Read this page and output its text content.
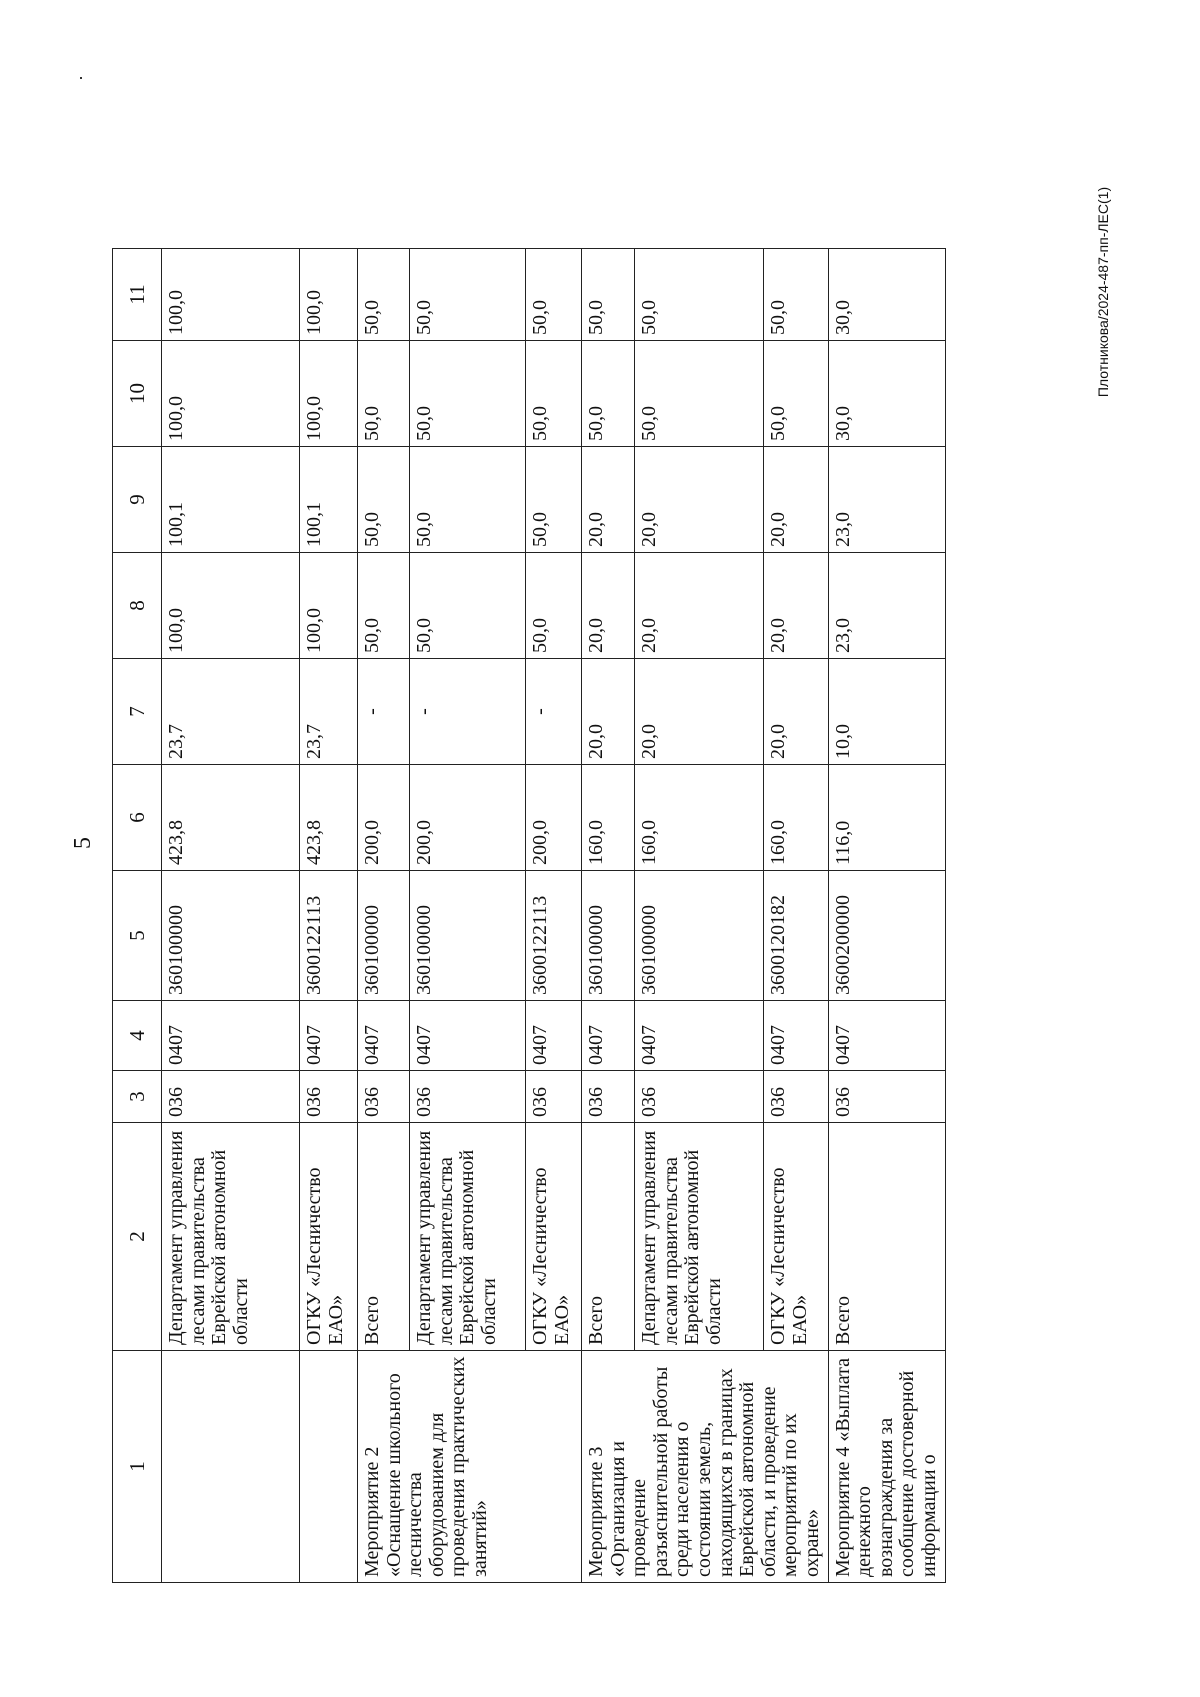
5
1	2	3	4	5	6	7	8	9	10	11
	Департамент управления лесами правительства Еврейской автономной области	036	0407	360100000	423,8	23,7	100,0	100,1	100,0	100,0
	ОГКУ «Лесничество ЕАО»	036	0407	3600122113	423,8	23,7	100,0	100,1	100,0	100,0
Мероприятие 2 «Оснащение школьного лесничества оборудованием для проведения практических занятий»	Всего	036	0407	360100000	200,0	-	50,0	50,0	50,0	50,0
	Департамент управления лесами правительства Еврейской автономной области	036	0407	360100000	200,0	-	50,0	50,0	50,0	50,0
	ОГКУ «Лесничество ЕАО»	036	0407	3600122113	200,0	-	50,0	50,0	50,0	50,0
Мероприятие 3 «Организация и проведение разъяснительной работы среди населения о состоянии земель, находящихся в границах Еврейской автономной области, и проведение мероприятий по их охране»	Всего	036	0407	360100000	160,0	20,0	20,0	20,0	50,0	50,0
	Департамент управления лесами правительства Еврейской автономной области	036	0407	360100000	160,0	20,0	20,0	20,0	50,0	50,0
	ОГКУ «Лесничество ЕАО»	036	0407	3600120182	160,0	20,0	20,0	20,0	50,0	50,0
Мероприятие 4 «Выплата денежного вознаграждения за сообщение достоверной информации о	Всего	036	0407	3600200000	116,0	10,0	23,0	23,0	30,0	30,0	Плотникова/2024-487-пп-ЛЕС(1)
